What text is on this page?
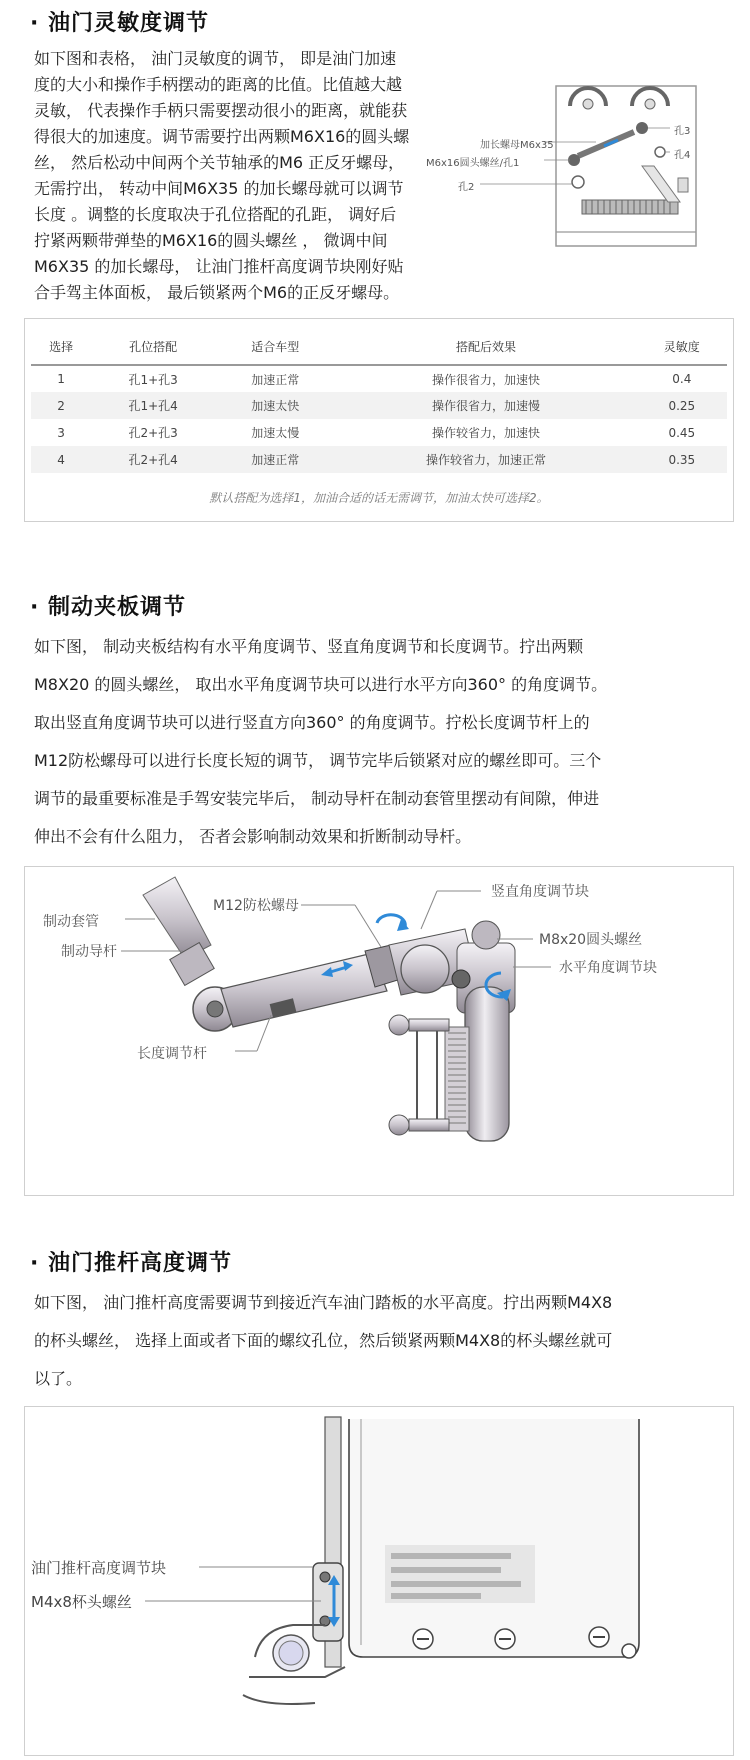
· 油门灵敏度调节
如下图和表格， 油门灵敏度的调节， 即是油门加速
度的大小和操作手柄摆动的距离的比值。比值越大越
灵敏， 代表操作手柄只需要摆动很小的距离，就能获
得很大的加速度。调节需要拧出两颗M6X16的圆头螺
丝， 然后松动中间两个关节轴承的M6 正反牙螺母，
无需拧出， 转动中间M6X35 的加长螺母就可以调节
长度 。调整的长度取决于孔位搭配的孔距， 调好后
拧紧两颗带弹垫的M6X16的圆头螺丝 ， 微调中间
M6X35 的加长螺母， 让油门推杆高度调节块刚好贴
合手驾主体面板， 最后锁紧两个M6的正反牙螺母。
加长螺母M6x35
M6x16圆头螺丝/孔1
孔2
孔3
孔4
选择	孔位搭配	适合车型	搭配后效果	灵敏度
1	孔1+孔3	加速正常	操作很省力，加速快	0.4
2	孔1+孔4	加速太快	操作很省力，加速慢	0.25
3	孔2+孔3	加速太慢	操作较省力，加速快	0.45
4	孔2+孔4	加速正常	操作较省力，加速正常	0.35
默认搭配为选择1，加油合适的话无需调节，加油太快可选择2。
· 制动夹板调节
如下图， 制动夹板结构有水平角度调节、竖直角度调节和长度调节。拧出两颗
M8X20 的圆头螺丝， 取出水平角度调节块可以进行水平方向360° 的角度调节。
取出竖直角度调节块可以进行竖直方向360° 的角度调节。拧松长度调节杆上的
M12防松螺母可以进行长度长短的调节， 调节完毕后锁紧对应的螺丝即可。三个
调节的最重要标准是手驾安装完毕后， 制动导杆在制动套管里摆动有间隙，伸进
伸出不会有什么阻力， 否者会影响制动效果和折断制动导杆。
制动套管
制动导杆
M12防松螺母
竖直角度调节块
M8x20圆头螺丝
水平角度调节块
长度调节杆
· 油门推杆高度调节
如下图， 油门推杆高度需要调节到接近汽车油门踏板的水平高度。拧出两颗M4X8
的杯头螺丝， 选择上面或者下面的螺纹孔位，然后锁紧两颗M4X8的杯头螺丝就可
以了。
油门推杆高度调节块
M4x8杯头螺丝
